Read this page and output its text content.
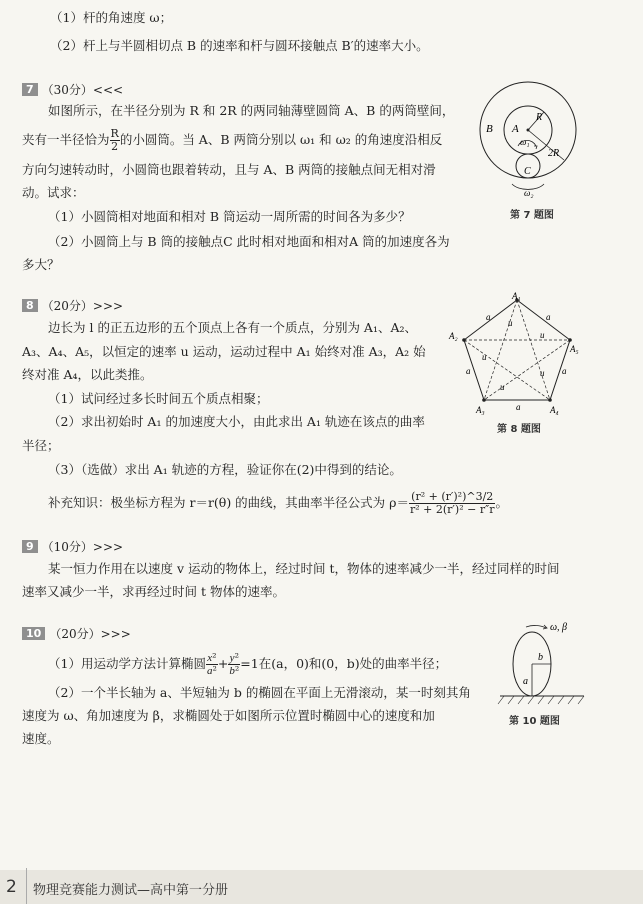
（1）杆的角速度 ω；
（2）杆上与半圆相切点 B 的速率和杆与圆环接触点 B′的速率大小。
7 （30分）<<<
如图所示，在半径分别为 R 和 2R 的两同轴薄壁圆筒 A、B 的两筒壁间，
夹有一半径恰为 $\frac{R}{2}$ 的小圆筒。当 A、B 两筒分别以 ω₁ 和 ω₂ 的角速度沿相反
方向匀速转动时，小圆筒也跟着转动，且与 A、B 两筒的接触点间无相对滑
动。试求：
（1）小圆筒相对地面和相对 B 筒运动一周所需的时间各为多少？
（2）小圆筒上与 B 筒的接触点C 此时相对地面和相对A 筒的加速度各为
多大？
B A
R
2R
ω₁
C
ω₂
第 7 题图
8 （20分）>>>
边长为 l 的正五边形的五个顶点上各有一个质点，分别为 A₁、A₂、
A₃、A₄、A₅，以恒定的速率 u 运动，运动过程中 A₁ 始终对准 A₃，A₂ 始
终对准 A₄，以此类推。
（1）试问经过多长时间五个质点相聚；
（2）求出初始时 A₁ 的加速度大小，由此求出 A₁ 轨迹在该点的曲率
半径；
（3）（选做）求出 A₁ 轨迹的方程，验证你在(2)中得到的结论。
补充知识：极坐标方程为 r＝r(θ) 的曲线，其曲率半径公式为 $\rho= \frac{\text{(r² + (r′)²)\textasciicircum{}3/2}}{\text{r² + 2(r′)² − r″r}}$ 。
A₁
A₂
A₃	A₄
A₅
a	a
a	a
a
u
u
u
u
u
第 8 题图
9 （10分）>>>
某一恒力作用在以速度 v 运动的物体上，经过时间 t，物体的速率减少一半，经过同样的时间
速率又减少一半，求再经过时间 t 物体的速率。
10 （20分）>>>
（1）用运动学方法计算椭圆 $\frac{\text{x²}}{\text{a²}} + \frac{\text{y²}}{\text{b²}} =1$在(a，0)和(0，b)处的曲率半径；
（2）一个半长轴为 a、半短轴为 b 的椭圆在平面上无滑滚动，某一时刻其角
速度为 ω、角加速度为 β，求椭圆处于如图所示位置时椭圆中心的速度和加
速度。
ω, β
a
b
第 10 题图
2 物理竞赛能力测试—高中第一分册
